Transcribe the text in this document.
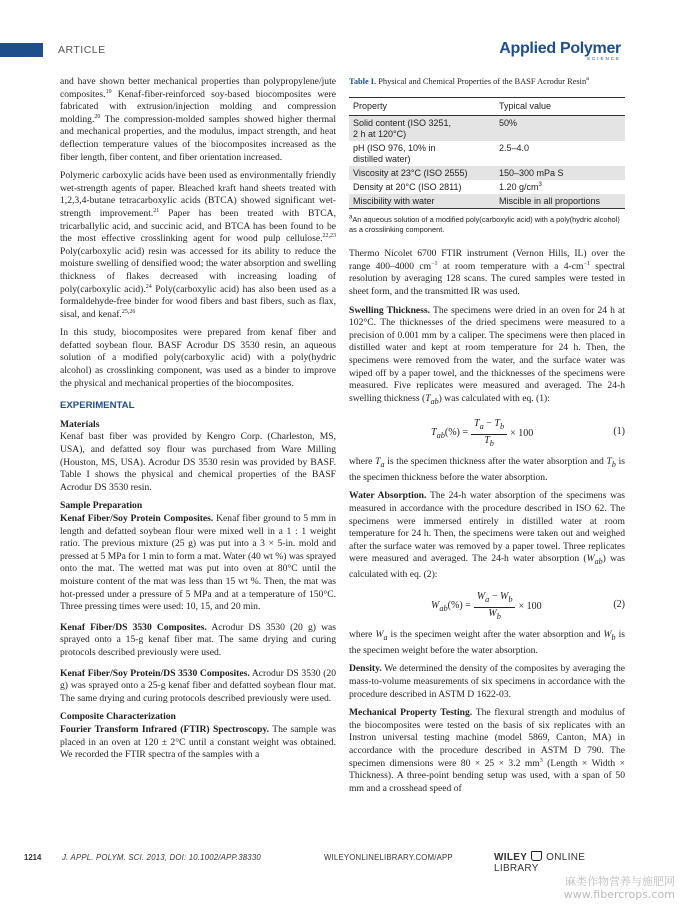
ARTICLE	Applied Polymer
SCIENCE

and have shown better mechanical properties than polypropylene/jute composites.$^{19}$ Kenaf-fiber-reinforced soy-based biocomposites were fabricated with extrusion/injection molding and compression molding.$^{20}$ The compression-molded samples showed higher thermal and mechanical properties, and the modulus, impact strength, and heat deflection temperature values of the biocomposites increased as the fiber length, fiber content, and fiber orientation increased.

Polymeric carboxylic acids have been used as environmentally friendly wet-strength agents of paper. Bleached kraft hand sheets treated with 1,2,3,4-butane tetracarboxylic acids (BTCA) showed significant wet-strength improvement.$^{21}$ Paper has been treated with BTCA, tricarballylic acid, and succinic acid, and BTCA has been found to be the most effective crosslinking agent for wood pulp cellulose.$^{22,23}$ Poly(carboxylic acid) resin was accessed for its ability to reduce the moisture swelling of densified wood; the water absorption and swelling thickness of flakes decreased with increasing loading of poly(carboxylic acid).$^{24}$ Poly(carboxylic acid) has also been used as a formaldehyde-free binder for wood fibers and bast fibers, such as flax, sisal, and kenaf.$^{25,26}$

In this study, biocomposites were prepared from kenaf fiber and defatted soybean flour. BASF Acrodur DS 3530 resin, an aqueous solution of a modified poly(carboxylic acid) with a poly(hydric alcohol) as crosslinking component, was used as a binder to improve the physical and mechanical properties of the biocomposites.

EXPERIMENTAL
Materials

Kenaf bast fiber was provided by Kengro Corp. (Charleston, MS, USA), and defatted soy flour was purchased from Ware Milling (Houston, MS, USA). Acrodur DS 3530 resin was provided by BASF. Table I shows the physical and chemical properties of the BASF Acrodur DS 3530 resin.

Sample Preparation

Kenaf Fiber/Soy Protein Composites. Kenaf fiber ground to 5 mm in length and defatted soybean flour were mixed well in a 1 : 1 weight ratio. The previous mixture (25 g) was put into a 3 × 5-in. mold and pressed at 5 MPa for 1 min to form a mat. Water (40 wt %) was sprayed onto the mat. The wetted mat was put into oven at 80°C until the moisture content of the mat was less than 15 wt %. Then, the mat was hot-pressed under a pressure of 5 MPa and at a temperature of 150°C. Three pressing times were used: 10, 15, and 20 min.

Kenaf Fiber/DS 3530 Composites. Acrodur DS 3530 (20 g) was sprayed onto a 15-g kenaf fiber mat. The same drying and curing protocols described previously were used.

Kenaf Fiber/Soy Protein/DS 3530 Composites. Acrodur DS 3530 (20 g) was sprayed onto a 25-g kenaf fiber and defatted soybean flour mat. The same drying and curing protocols described previously were used.

Composite Characterization

Fourier Transform Infrared (FTIR) Spectroscopy. The sample was placed in an oven at 120 ± 2°C until a constant weight was obtained. We recorded the FTIR spectra of the samples with a

Table I. Physical and Chemical Properties of the BASF Acrodur Resin$^a$
Property	Typical value
Solid content (ISO 3251,
2 h at 120°C)	50%
pH (ISO 976, 10% in
distilled water)	2.5–4.0
Viscosity at 23°C (ISO 2555)	150–300 mPa S
Density at 20°C (ISO 2811)	1.20 $g/cm^3$
Miscibility with water	Miscible in all proportions
$^a$An aqueous solution of a modified poly(carboxylic acid) with a poly(hydric alcohol) as a crosslinking component.

Thermo Nicolet 6700 FTIR instrument (Vernon Hills, IL) over the range 400–4000 $cm^{-1}$ at room temperature with a $4-cm^{-1}$ spectral resolution by averaging 128 scans. The cured samples were tested in sheet form, and the transmitted IR was used.

Swelling Thickness. The specimens were dried in an oven for 24 h at 102°C. The thicknesses of the dried specimens were measured to a precision of 0.001 mm by a caliper. The specimens were then placed in distilled water and kept at room temperature for 24 h. Then, the specimens were removed from the water, and the surface water was wiped off by a paper towel, and the thicknesses of the specimens were measured. Five replicates were measured and averaged. The 24-h swelling thickness $(T_{ab})$ was calculated with eq. (1):

$T_{ab}(\%) = \frac{T_a - T_b}{T_b} \times 100$	(1)

where $T_a$ is the specimen thickness after the water absorption and $T_b$ is the specimen thickness before the water absorption.

Water Absorption. The 24-h water absorption of the specimens was measured in accordance with the procedure described in ISO 62. The specimens were immersed entirely in distilled water at room temperature for 24 h. Then, the specimens were taken out and weighed after the surface water was removed by a paper towel. Three replicates were measured and averaged. The 24-h water absorption $(W_{ab})$ was calculated with eq. (2):

$W_{ab}(\%) = \frac{W_a - W_b}{W_b} \times 100$	(2)

where $W_a$ is the specimen weight after the water absorption and $W_b$ is the specimen weight before the water absorption.

Density. We determined the density of the composites by averaging the mass-to-volume measurements of six specimens in accordance with the procedure described in ASTM D 1622-03.

Mechanical Property Testing. The flexural strength and modulus of the biocomposites were tested on the basis of six replicates with an Instron universal testing machine (model 5869, Canton, MA) in accordance with the procedure described in ASTM D 790. The specimen dimensions were 80 × 25 × 3.2 $mm^3$ (Length × Width × Thickness). A three-point bending setup was used, with a span of 50 mm and a crosshead speed of

1214	J. APPL. POLYM. SCI. 2013, DOI: 10.1002/APP.38330	WILEYONLINELIBRARY.COM/APP	WILEY ONLINE LIBRARY
麻类作物营养与施肥网
www.fibercrops.com
